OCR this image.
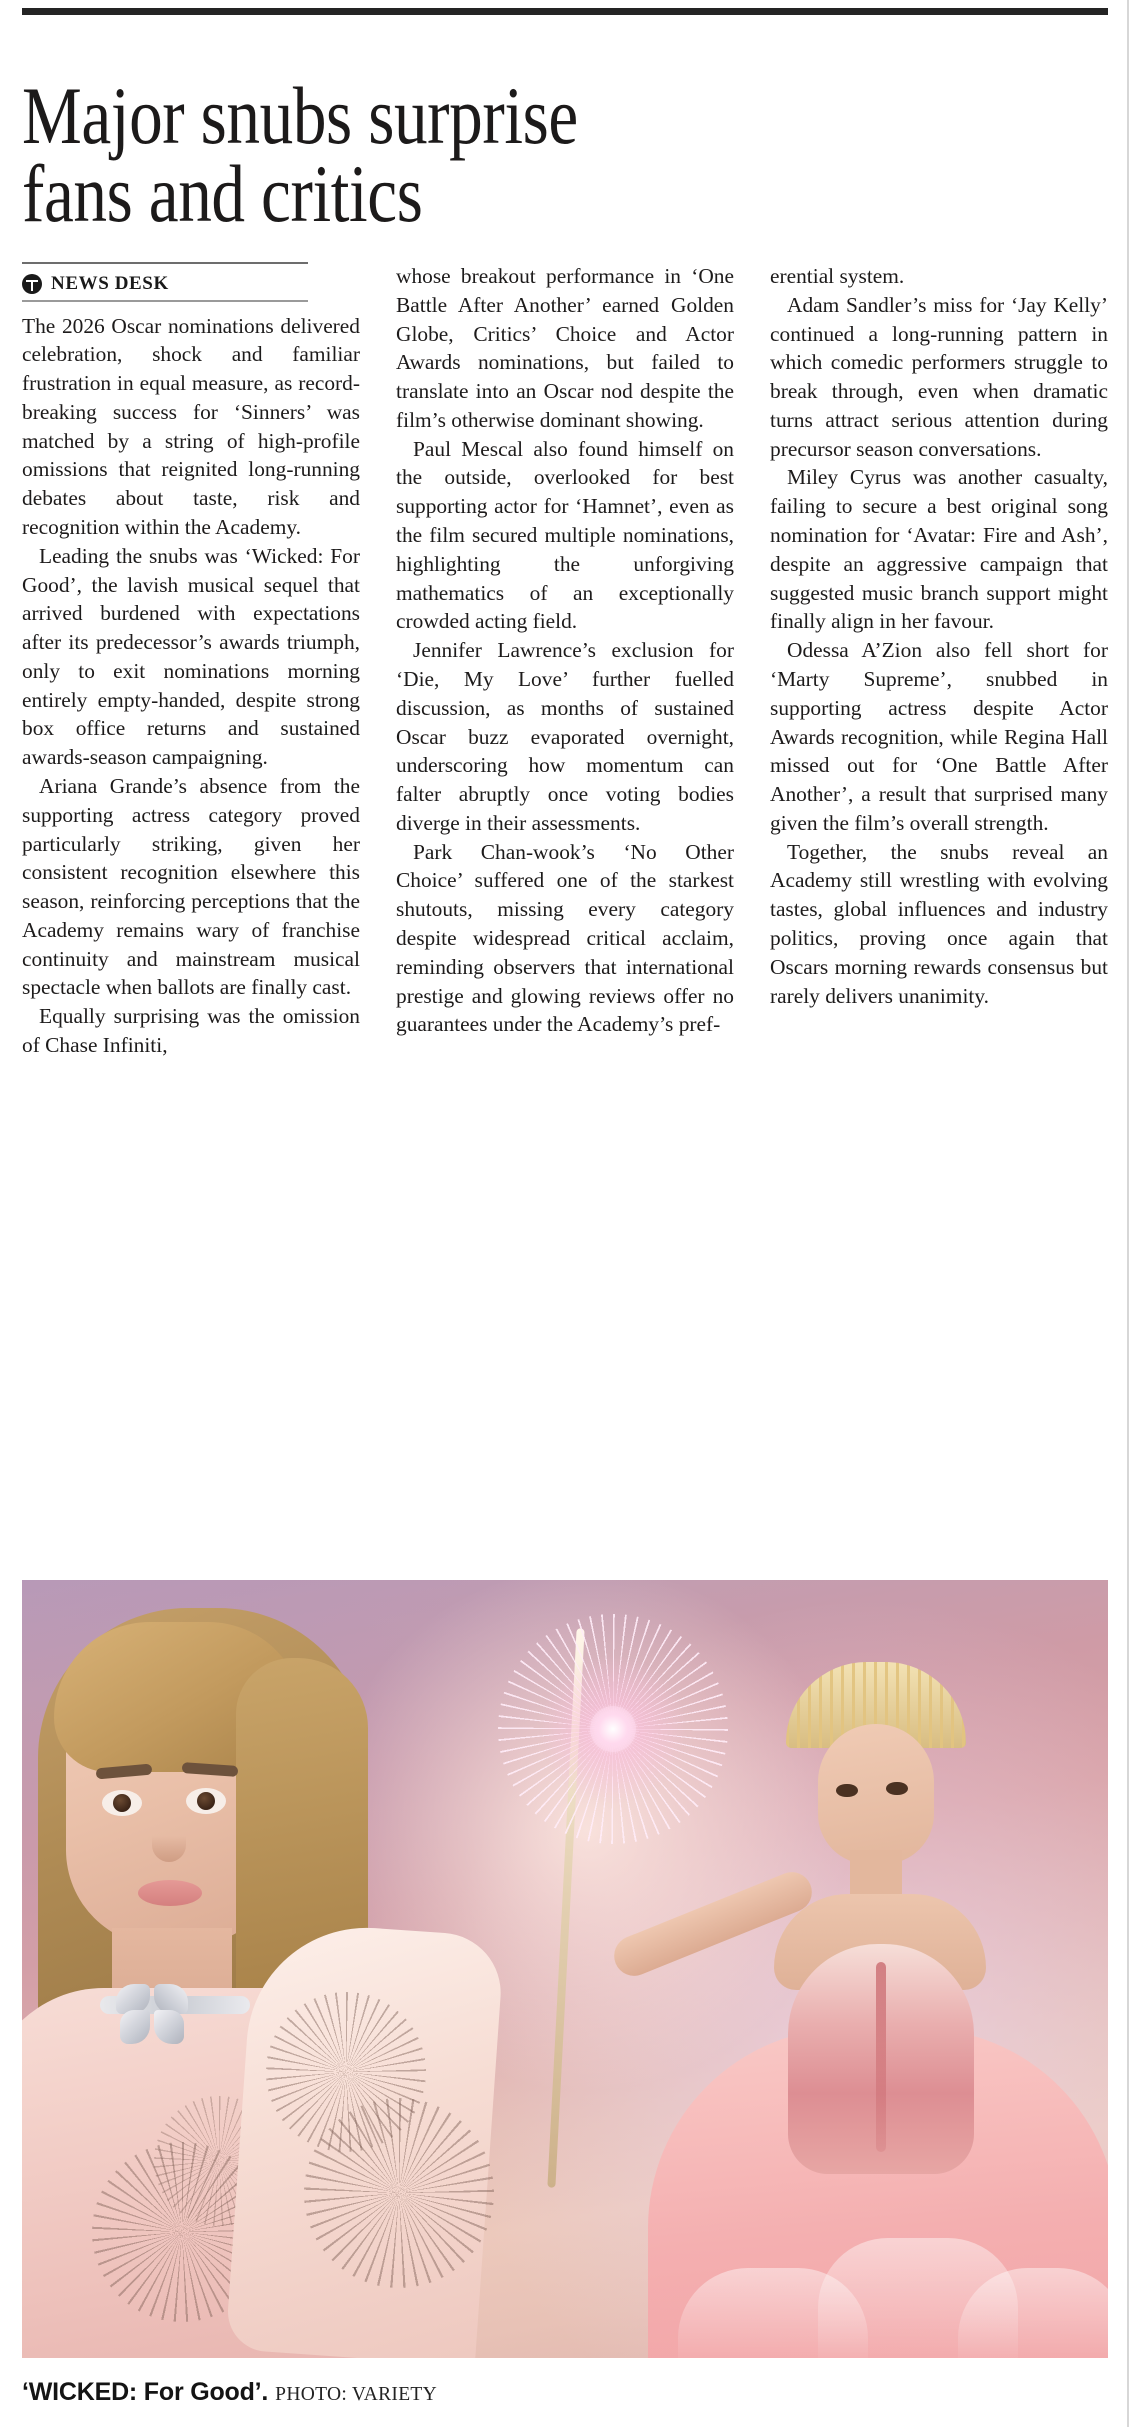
Major snubs surprise
fans and critics
NEWS DESK

The 2026 Oscar nominations delivered celebration, shock and familiar frustration in equal measure, as record-breaking success for ‘Sinners’ was matched by a string of high-profile omissions that reignited long-running debates about taste, risk and recognition within the Academy.

Leading the snubs was ‘Wicked: For Good’, the lavish musical sequel that arrived burdened with expectations after its predecessor’s awards triumph, only to exit nominations morning entirely empty-handed, despite strong box office returns and sustained awards-season campaigning.

Ariana Grande’s absence from the supporting actress category proved particularly striking, given her consistent recognition elsewhere this season, reinforcing perceptions that the Academy remains wary of franchise continuity and mainstream musical spectacle when ballots are finally cast.

Equally surprising was the omission of Chase Infiniti,

whose breakout performance in ‘One Battle After Another’ earned Golden Globe, Critics’ Choice and Actor Awards nominations, but failed to translate into an Oscar nod despite the film’s otherwise dominant showing.

Paul Mescal also found himself on the outside, overlooked for best supporting actor for ‘Hamnet’, even as the film secured multiple nominations, highlighting the unforgiving mathematics of an exceptionally crowded acting field.

Jennifer Lawrence’s exclusion for ‘Die, My Love’ further fuelled discussion, as months of sustained Oscar buzz evaporated overnight, underscoring how momentum can falter abruptly once voting bodies diverge in their assessments.

Park Chan-wook’s ‘No Other Choice’ suffered one of the starkest shutouts, missing every category despite widespread critical acclaim, reminding observers that international prestige and glowing reviews offer no guarantees under the Academy’s pref-

erential system.

Adam Sandler’s miss for ‘Jay Kelly’ continued a long-running pattern in which comedic performers struggle to break through, even when dramatic turns attract serious attention during precursor season conversations.

Miley Cyrus was another casualty, failing to secure a best original song nomination for ‘Avatar: Fire and Ash’, despite an aggressive campaign that suggested music branch support might finally align in her favour.

Odessa A’Zion also fell short for ‘Marty Supreme’, snubbed in supporting actress despite Actor Awards recognition, while Regina Hall missed out for ‘One Battle After Another’, a result that surprised many given the film’s overall strength.

Together, the snubs reveal an Academy still wrestling with evolving tastes, global influences and industry politics, proving once again that Oscars morning rewards consensus but rarely delivers unanimity.

‘WICKED: For Good’. PHOTO: VARIETY
